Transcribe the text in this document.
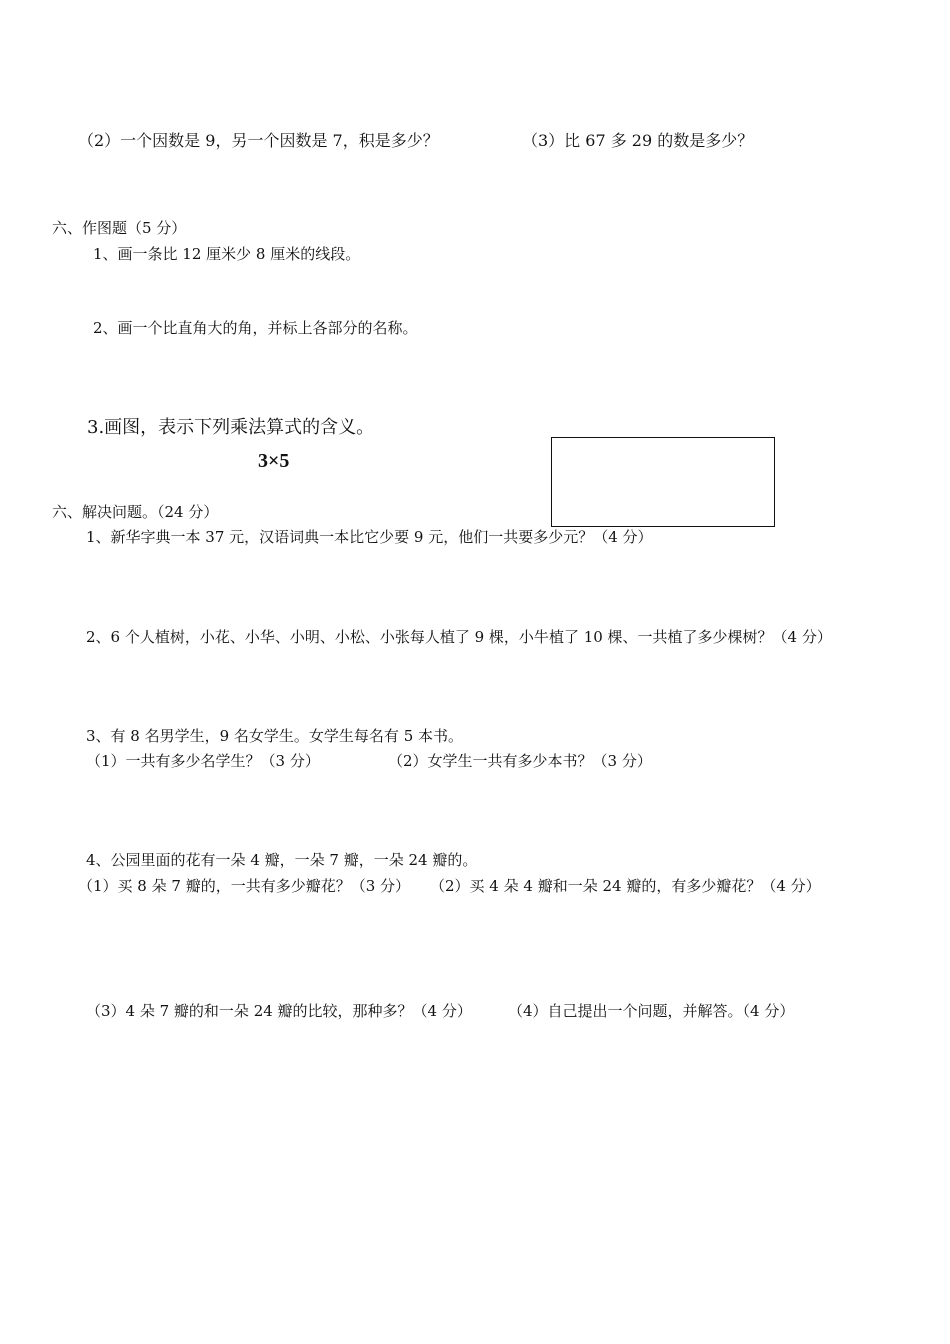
（2）一个因数是 9，另一个因数是 7，积是多少？	（3）比 67 多 29 的数是多少？
六、作图题（5 分）
1、画一条比 12 厘米少 8 厘米的线段。
2、画一个比直角大的角，并标上各部分的名称。
3.画图，表示下列乘法算式的含义。
3×5
六、解决问题。（24 分）
1、新华字典一本 37 元，汉语词典一本比它少要 9 元，他们一共要多少元？（4 分）
2、6 个人植树，小花、小华、小明、小松、小张每人植了 9 棵，小牛植了 10 棵、一共植了多少棵树？（4 分）
3、有 8 名男学生，9 名女学生。女学生每名有 5 本书。
（1）一共有多少名学生？（3 分）	（2）女学生一共有多少本书？（3 分）
4、公园里面的花有一朵 4 瓣，一朵 7 瓣，一朵 24 瓣的。
（1）买 8 朵 7 瓣的，一共有多少瓣花？（3 分） （2）买 4 朵 4 瓣和一朵 24 瓣的，有多少瓣花？（4 分）
（3）4 朵 7 瓣的和一朵 24 瓣的比较，那种多？（4 分） （4）自己提出一个问题，并解答。（4 分）
